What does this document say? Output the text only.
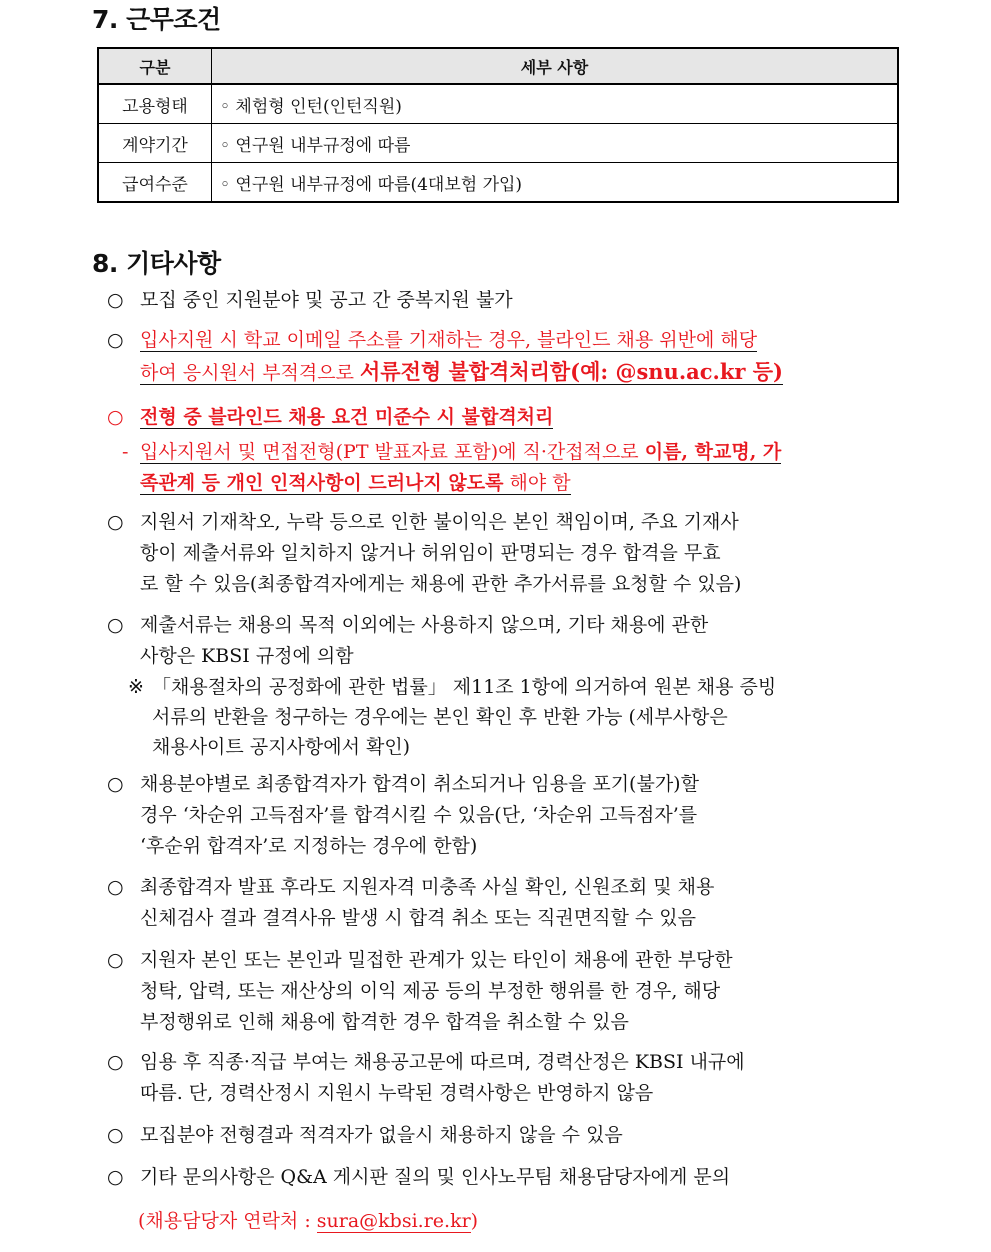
7. 근무조건
구분	세부 사항
고용형태	◦ 체험형 인턴(인턴직원)
계약기간	◦ 연구원 내부규정에 따름
급여수준	◦ 연구원 내부규정에 따름(4대보험 가입)
8. 기타사항

○ 모집 중인 지원분야 및 공고 간 중복지원 불가

○ 입사지원 시 학교 이메일 주소를 기재하는 경우, 블라인드 채용 위반에 해당
하여 응시원서 부적격으로 서류전형 불합격처리함(예: @snu.ac.kr 등)

○ 전형 중 블라인드 채용 요건 미준수 시 불합격처리

- 입사지원서 및 면접전형(PT 발표자료 포함)에 직·간접적으로 이름, 학교명, 가
족관계 등 개인 인적사항이 드러나지 않도록 해야 함
○ 지원서 기재착오, 누락 등으로 인한 불이익은 본인 책임이며, 주요 기재사
항이 제출서류와 일치하지 않거나 허위임이 판명되는 경우 합격을 무효
로 할 수 있음(최종합격자에게는 채용에 관한 추가서류를 요청할 수 있음)
○ 제출서류는 채용의 목적 이외에는 사용하지 않으며, 기타 채용에 관한
사항은 KBSI 규정에 의함
※ 「채용절차의 공정화에 관한 법률」 제11조 1항에 의거하여 원본 채용 증빙
서류의 반환을 청구하는 경우에는 본인 확인 후 반환 가능 (세부사항은
채용사이트 공지사항에서 확인)
○ 채용분야별로 최종합격자가 합격이 취소되거나 임용을 포기(불가)할
경우 ‘차순위 고득점자’를 합격시킬 수 있음(단, ‘차순위 고득점자’를
‘후순위 합격자’로 지정하는 경우에 한함)
○ 최종합격자 발표 후라도 지원자격 미충족 사실 확인, 신원조회 및 채용
신체검사 결과 결격사유 발생 시 합격 취소 또는 직권면직할 수 있음
○ 지원자 본인 또는 본인과 밀접한 관계가 있는 타인이 채용에 관한 부당한
청탁, 압력, 또는 재산상의 이익 제공 등의 부정한 행위를 한 경우, 해당
부정행위로 인해 채용에 합격한 경우 합격을 취소할 수 있음
○ 임용 후 직종·직급 부여는 채용공고문에 따르며, 경력산정은 KBSI 내규에
따름. 단, 경력산정시 지원시 누락된 경력사항은 반영하지 않음

○ 모집분야 전형결과 적격자가 없을시 채용하지 않을 수 있음

○ 기타 문의사항은 Q&A 게시판 질의 및 인사노무팀 채용담당자에게 문의

(채용담당자 연락처 : sura@kbsi.re.kr)
